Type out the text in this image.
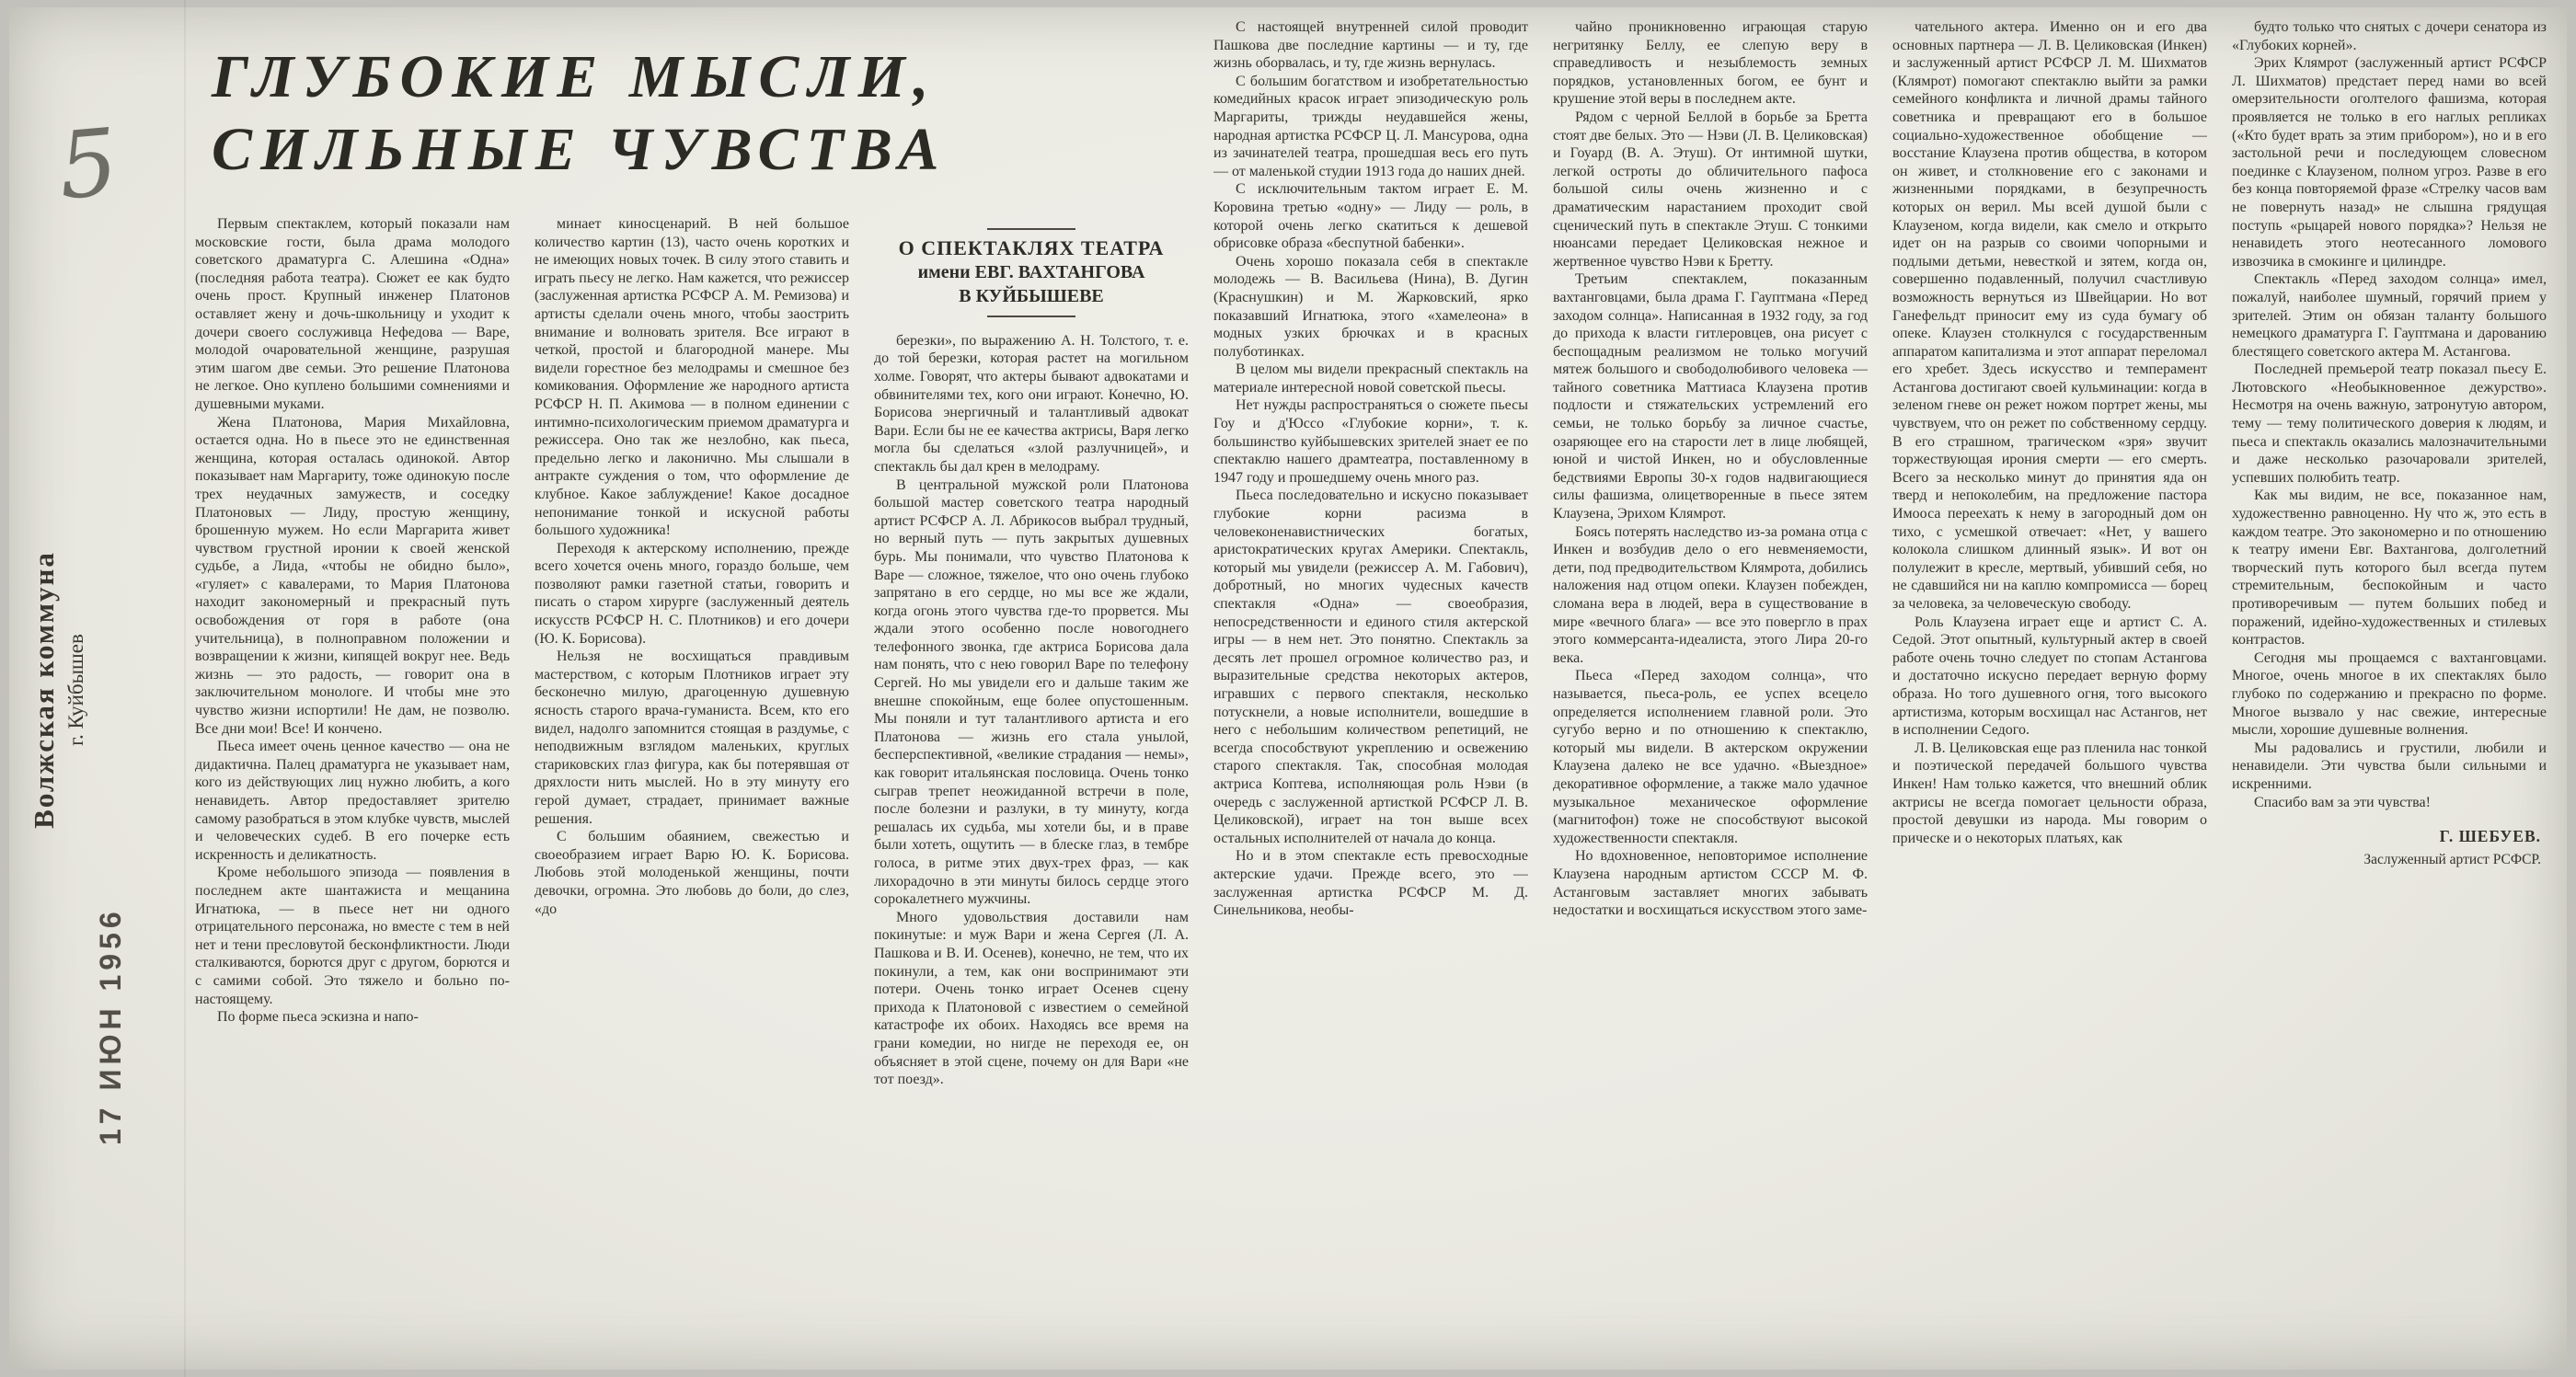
5
Волжская коммуна г. Куйбышев
17 ИЮН 1956
ГЛУБОКИЕ МЫСЛИ,
СИЛЬНЫЕ ЧУВСТВА

Первым спектаклем, который показали нам московские гости, была драма молодого советского драматурга С. Алешина «Одна» (последняя работа театра). Сюжет ее как будто очень прост. Крупный инженер Платонов оставляет жену и дочь-школьницу и уходит к дочери своего сослуживца Нефедова — Варе, молодой очаровательной женщине, разрушая этим шагом две семьи. Это решение Платонова не легкое. Оно куплено большими сомнениями и душевными муками.

Жена Платонова, Мария Михайловна, остается одна. Но в пьесе это не единственная женщина, которая осталась одинокой. Автор показывает нам Маргариту, тоже одинокую после трех неудачных замужеств, и соседку Платоновых — Лиду, простую женщину, брошенную мужем. Но если Маргарита живет чувством грустной иронии к своей женской судьбе, а Лида, «чтобы не обидно было», «гуляет» с кавалерами, то Мария Платонова находит закономерный и прекрасный путь освобождения от горя в работе (она учительница), в полноправном положении и возвращении к жизни, кипящей вокруг нее. Ведь жизнь — это радость, — говорит она в заключительном монологе. И чтобы мне это чувство жизни испортили! Не дам, не позволю. Все дни мои! Все! И кончено.

Пьеса имеет очень ценное качество — она не дидактична. Палец драматурга не указывает нам, кого из действующих лиц нужно любить, а кого ненавидеть. Автор предоставляет зрителю самому разобраться в этом клубке чувств, мыслей и человеческих судеб. В его почерке есть искренность и деликатность.

Кроме небольшого эпизода — появления в последнем акте шантажиста и мещанина Игнатюка, — в пьесе нет ни одного отрицательного персонажа, но вместе с тем в ней нет и тени пресловутой бесконфликтности. Люди сталкиваются, борются друг с другом, борются и с самими собой. Это тяжело и больно по-настоящему.

По форме пьеса эскизна и напо-

минает киносценарий. В ней большое количество картин (13), часто очень коротких и не имеющих новых точек. В силу этого ставить и играть пьесу не легко. Нам кажется, что режиссер (заслуженная артистка РСФСР А. М. Ремизова) и артисты сделали очень много, чтобы заострить внимание и волновать зрителя. Все играют в четкой, простой и благородной манере. Мы видели горестное без мелодрамы и смешное без комикования. Оформление же народного артиста РСФСР Н. П. Акимова — в полном единении с интимно-психологическим приемом драматурга и режиссера. Оно так же незлобно, как пьеса, предельно легко и лаконично. Мы слышали в антракте суждения о том, что оформление де клубное. Какое заблуждение! Какое досадное непонимание тонкой и искусной работы большого художника!

Переходя к актерскому исполнению, прежде всего хочется очень много, гораздо больше, чем позволяют рамки газетной статьи, говорить и писать о старом хирурге (заслуженный деятель искусств РСФСР Н. С. Плотников) и его дочери (Ю. К. Борисова).

Нельзя не восхищаться правдивым мастерством, с которым Плотников играет эту бесконечно милую, драгоценную душевную ясность старого врача-гуманиста. Всем, кто его видел, надолго запомнится стоящая в раздумье, с неподвижным взглядом маленьких, круглых стариковских глаз фигура, как бы потерявшая от дряхлости нить мыслей. Но в эту минуту его герой думает, страдает, принимает важные решения.

С большим обаянием, свежестью и своеобразием играет Варю Ю. К. Борисова. Любовь этой молоденькой женщины, почти девочки, огромна. Это любовь до боли, до слез, «до

О СПЕКТАКЛЯХ ТЕАТРА
имени ЕВГ. ВАХТАНГОВА
В КУЙБЫШЕВЕ

березки», по выражению А. Н. Толстого, т. е. до той березки, которая растет на могильном холме. Говорят, что актеры бывают адвокатами и обвинителями тех, кого они играют. Конечно, Ю. Борисова энергичный и талантливый адвокат Вари. Если бы не ее качества актрисы, Варя легко могла бы сделаться «злой разлучницей», и спектакль бы дал крен в мелодраму.

В центральной мужской роли Платонова большой мастер советского театра народный артист РСФСР А. Л. Абрикосов выбрал трудный, но верный путь — путь закрытых душевных бурь. Мы понимали, что чувство Платонова к Варе — сложное, тяжелое, что оно очень глубоко запрятано в его сердце, но мы все же ждали, когда огонь этого чувства где-то прорвется. Мы ждали этого особенно после новогоднего телефонного звонка, где актриса Борисова дала нам понять, что с нею говорил Варе по телефону Сергей. Но мы увидели его и дальше таким же внешне спокойным, еще более опустошенным. Мы поняли и тут талантливого артиста и его Платонова — жизнь его стала унылой, бесперспективной, «великие страдания — немы», как говорит итальянская пословица. Очень тонко сыграв трепет неожиданной встречи в поле, после болезни и разлуки, в ту минуту, когда решалась их судьба, мы хотели бы, и в праве были хотеть, ощутить — в блеске глаз, в тембре голоса, в ритме этих двух-трех фраз, — как лихорадочно в эти минуты билось сердце этого сорокалетнего мужчины.

Много удовольствия доставили нам покинутые: и муж Вари и жена Сергея (Л. А. Пашкова и В. И. Осенев), конечно, не тем, что их покинули, а тем, как они воспринимают эти потери. Очень тонко играет Осенев сцену прихода к Платоновой с известием о семейной катастрофе их обоих. Находясь все время на грани комедии, но нигде не переходя ее, он объясняет в этой сцене, почему он для Вари «не тот поезд».

С настоящей внутренней силой проводит Пашкова две последние картины — и ту, где жизнь оборвалась, и ту, где жизнь вернулась.

С большим богатством и изобретательностью комедийных красок играет эпизодическую роль Маргариты, трижды неудавшейся жены, народная артистка РСФСР Ц. Л. Мансурова, одна из зачинателей театра, прошедшая весь его путь — от маленькой студии 1913 года до наших дней.

С исключительным тактом играет Е. М. Коровина третью «одну» — Лиду — роль, в которой очень легко скатиться к дешевой обрисовке образа «беспутной бабенки».

Очень хорошо показала себя в спектакле молодежь — В. Васильева (Нина), В. Дугин (Краснушкин) и М. Жарковский, ярко показавший Игнатюка, этого «хамелеона» в модных узких брючках и в красных полуботинках.

В целом мы видели прекрасный спектакль на материале интересной новой советской пьесы.

Нет нужды распространяться о сюжете пьесы Гоу и д'Юссо «Глубокие корни», т. к. большинство куйбышевских зрителей знает ее по спектаклю нашего драмтеатра, поставленному в 1947 году и прошедшему очень много раз.

Пьеса последовательно и искусно показывает глубокие корни расизма в человеконенавистнических богатых, аристократических кругах Америки. Спектакль, который мы увидели (режиссер А. М. Габович), добротный, но многих чудесных качеств спектакля «Одна» — своеобразия, непосредственности и единого стиля актерской игры — в нем нет. Это понятно. Спектакль за десять лет прошел огромное количество раз, и выразительные средства некоторых актеров, игравших с первого спектакля, несколько потускнели, а новые исполнители, вошедшие в него с небольшим количеством репетиций, не всегда способствуют укреплению и освежению старого спектакля. Так, способная молодая актриса Коптева, исполняющая роль Нэви (в очередь с заслуженной артисткой РСФСР Л. В. Целиковской), играет на тон выше всех остальных исполнителей от начала до конца.

Но и в этом спектакле есть превосходные актерские удачи. Прежде всего, это — заслуженная артистка РСФСР М. Д. Синельникова, необы-

чайно проникновенно играющая старую негритянку Беллу, ее слепую веру в справедливость и незыблемость земных порядков, установленных богом, ее бунт и крушение этой веры в последнем акте.

Рядом с черной Беллой в борьбе за Бретта стоят две белых. Это — Нэви (Л. В. Целиковская) и Гоуард (В. А. Этуш). От интимной шутки, легкой остроты до обличительного пафоса большой силы очень жизненно и с драматическим нарастанием проходит свой сценический путь в спектакле Этуш. С тонкими нюансами передает Целиковская нежное и жертвенное чувство Нэви к Бретту.

Третьим спектаклем, показанным вахтанговцами, была драма Г. Гауптмана «Перед заходом солнца». Написанная в 1932 году, за год до прихода к власти гитлеровцев, она рисует с беспощадным реализмом не только могучий мятеж большого и свободолюбивого человека — тайного советника Маттиаса Клаузена против подлости и стяжательских устремлений его семьи, не только борьбу за личное счастье, озаряющее его на старости лет в лице любящей, юной и чистой Инкен, но и обусловленные бедствиями Европы 30-х годов надвигающиеся силы фашизма, олицетворенные в пьесе зятем Клаузена, Эрихом Клямрот.

Боясь потерять наследство из-за романа отца с Инкен и возбудив дело о его невменяемости, дети, под предводительством Клямрота, добились наложения над отцом опеки. Клаузен побежден, сломана вера в людей, вера в существование в мире «вечного блага» — все это повергло в прах этого коммерсанта-идеалиста, этого Лира 20-го века.

Пьеса «Перед заходом солнца», что называется, пьеса-роль, ее успех всецело определяется исполнением главной роли. Это сугубо верно и по отношению к спектаклю, который мы видели. В актерском окружении Клаузена далеко не все удачно. «Выездное» декоративное оформление, а также мало удачное музыкальное механическое оформление (магнитофон) тоже не способствуют высокой художественности спектакля.

Но вдохновенное, неповторимое исполнение Клаузена народным артистом СССР М. Ф. Астанговым заставляет многих забывать недостатки и восхищаться искусством этого заме-

чательного актера. Именно он и его два основных партнера — Л. В. Целиковская (Инкен) и заслуженный артист РСФСР Л. М. Шихматов (Клямрот) помогают спектаклю выйти за рамки семейного конфликта и личной драмы тайного советника и превращают его в большое социально-художественное обобщение — восстание Клаузена против общества, в котором он живет, и столкновение его с законами и жизненными порядками, в безупречность которых он верил. Мы всей душой были с Клаузеном, когда видели, как смело и открыто идет он на разрыв со своими чопорными и подлыми детьми, невесткой и зятем, когда он, совершенно подавленный, получил счастливую возможность вернуться из Швейцарии. Но вот Ганефельдт приносит ему из суда бумагу об опеке. Клаузен столкнулся с государственным аппаратом капитализма и этот аппарат переломал его хребет. Здесь искусство и темперамент Астангова достигают своей кульминации: когда в зеленом гневе он режет ножом портрет жены, мы чувствуем, что он режет по собственному сердцу. В его страшном, трагическом «зря» звучит торжествующая ирония смерти — его смерть. Всего за несколько минут до принятия яда он тверд и непоколебим, на предложение пастора Имооса переехать к нему в загородный дом он тихо, с усмешкой отвечает: «Нет, у вашего колокола слишком длинный язык». И вот он полулежит в кресле, мертвый, убивший себя, но не сдавшийся ни на каплю компромисса — борец за человека, за человеческую свободу.

Роль Клаузена играет еще и артист С. А. Седой. Этот опытный, культурный актер в своей работе очень точно следует по стопам Астангова и достаточно искусно передает верную форму образа. Но того душевного огня, того высокого артистизма, которым восхищал нас Астангов, нет в исполнении Седого.

Л. В. Целиковская еще раз пленила нас тонкой и поэтической передачей большого чувства Инкен! Нам только кажется, что внешний облик актрисы не всегда помогает цельности образа, простой девушки из народа. Мы говорим о прическе и о некоторых платьях, как

будто только что снятых с дочери сенатора из «Глубоких корней».

Эрих Клямрот (заслуженный артист РСФСР Л. Шихматов) предстает перед нами во всей омерзительности оголтелого фашизма, которая проявляется не только в его наглых репликах («Кто будет врать за этим прибором»), но и в его застольной речи и последующем словесном поединке с Клаузеном, полном угроз. Разве в его без конца повторяемой фразе «Стрелку часов вам не повернуть назад» не слышна грядущая поступь «рыцарей нового порядка»? Нельзя не ненавидеть этого неотесанного ломового извозчика в смокинге и цилиндре.

Спектакль «Перед заходом солнца» имел, пожалуй, наиболее шумный, горячий прием у зрителей. Этим он обязан таланту большого немецкого драматурга Г. Гауптмана и дарованию блестящего советского актера М. Астангова.

Последней премьерой театр показал пьесу Е. Лютовского «Необыкновенное дежурство». Несмотря на очень важную, затронутую автором, тему — тему политического доверия к людям, и пьеса и спектакль оказались малозначительными и даже несколько разочаровали зрителей, успевших полюбить театр.

Как мы видим, не все, показанное нам, художественно равноценно. Ну что ж, это есть в каждом театре. Это закономерно и по отношению к театру имени Евг. Вахтангова, долголетний творческий путь которого был всегда путем стремительным, беспокойным и часто противоречивым — путем больших побед и поражений, идейно-художественных и стилевых контрастов.

Сегодня мы прощаемся с вахтанговцами. Многое, очень многое в их спектаклях было глубоко по содержанию и прекрасно по форме. Многое вызвало у нас свежие, интересные мысли, хорошие душевные волнения.

Мы радовались и грустили, любили и ненавидели. Эти чувства были сильными и искренними.

Спасибо вам за эти чувства!

Г. ШЕБУЕВ.
Заслуженный артист РСФСР.
